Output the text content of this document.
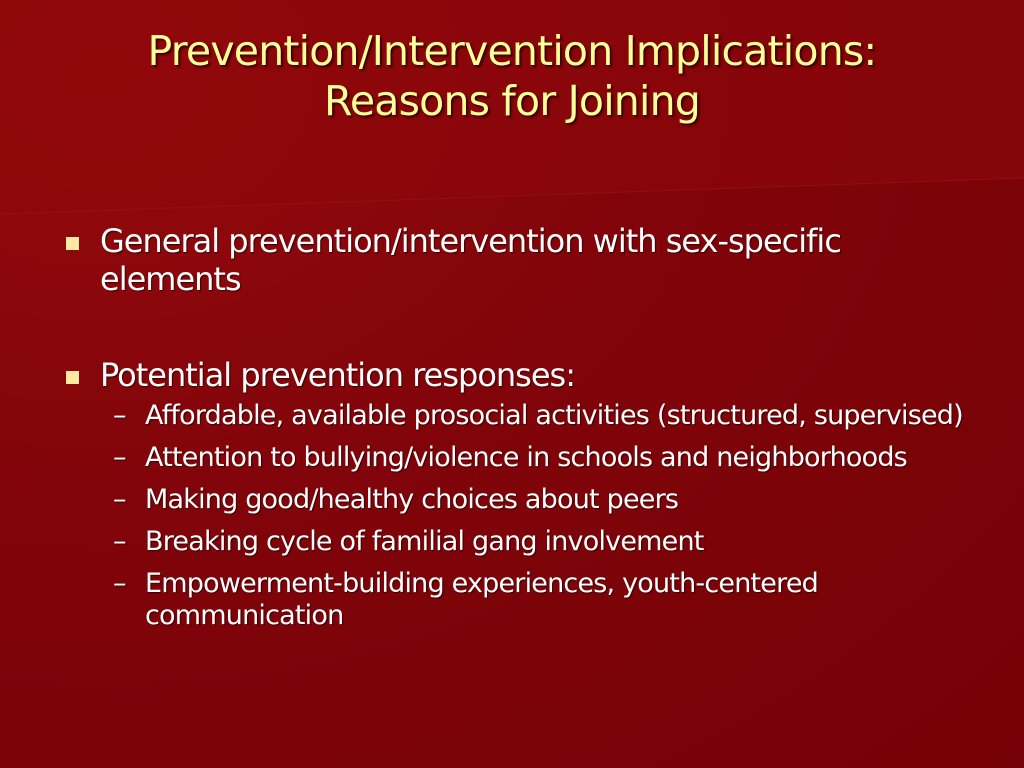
Prevention/Intervention Implications:
Reasons for Joining
General prevention/intervention with sex-specific elements
Potential prevention responses:
– Affordable, available prosocial activities (structured, supervised)
– Attention to bullying/violence in schools and neighborhoods
– Making good/healthy choices about peers
– Breaking cycle of familial gang involvement
– Empowerment-building experiences, youth-centered communication
